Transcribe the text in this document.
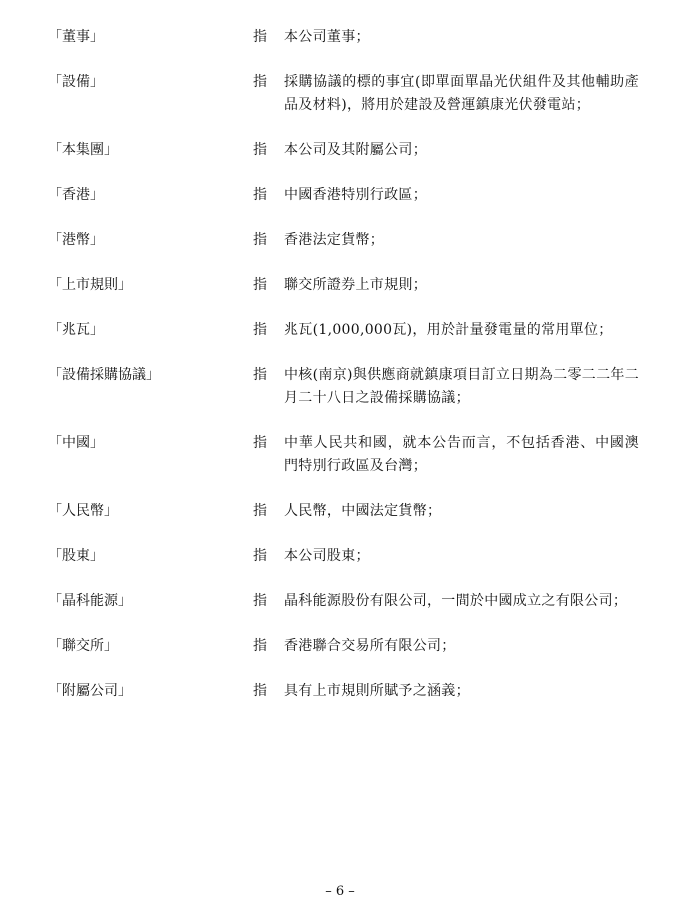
「董事」	指 本公司董事；
「設備」	指 採購協議的標的事宜(即單面單晶光伏組件及其他輔助產品及材料)，將用於建設及營運鎮康光伏發電站；
「本集團」	指 本公司及其附屬公司；
「香港」	指 中國香港特別行政區；
「港幣」	指 香港法定貨幣；
「上市規則」	指 聯交所證券上市規則；
「兆瓦」	指 兆瓦(1,000,000瓦)，用於計量發電量的常用單位；
「設備採購協議」	指 中核(南京)與供應商就鎮康項目訂立日期為二零二二年二月二十八日之設備採購協議；
「中國」	指 中華人民共和國，就本公告而言，不包括香港、中國澳門特別行政區及台灣；
「人民幣」	指 人民幣，中國法定貨幣；
「股東」	指 本公司股東；
「晶科能源」	指 晶科能源股份有限公司，一間於中國成立之有限公司；
「聯交所」	指 香港聯合交易所有限公司；
「附屬公司」	指 具有上市規則所賦予之涵義；
– 6 –
